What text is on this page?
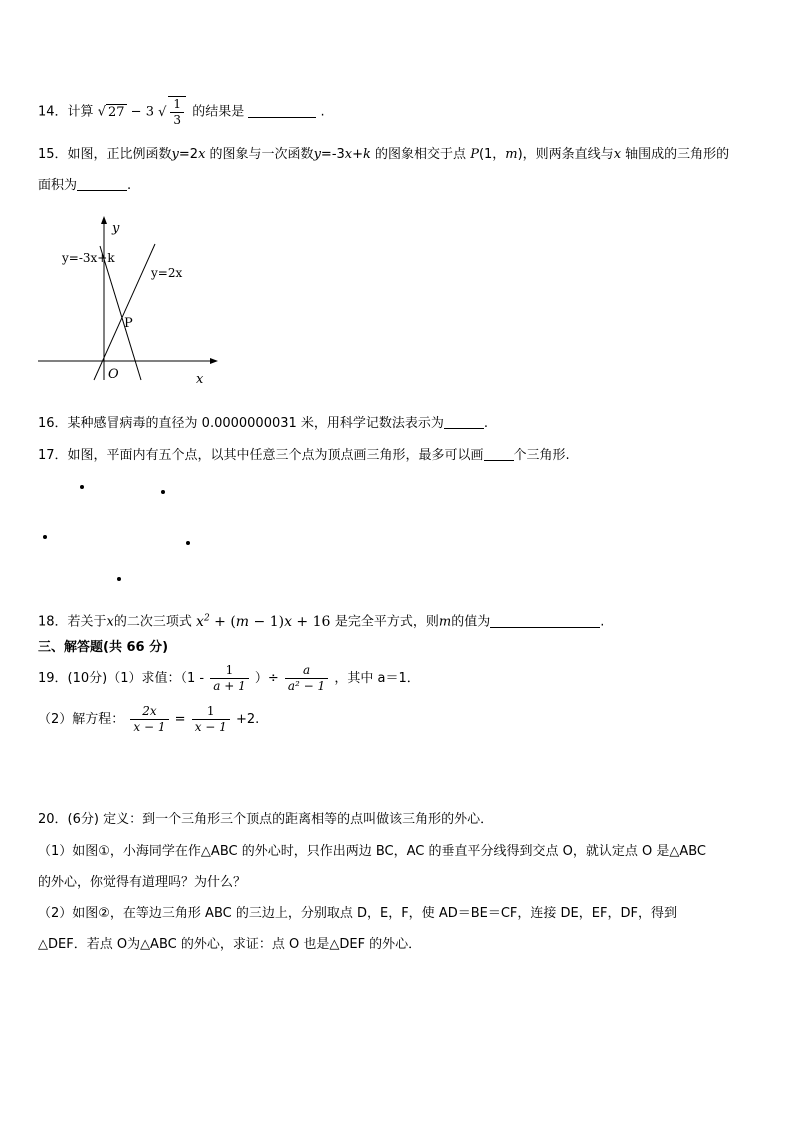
14．计算 √ 27 − 3 √ $\frac{1}{3}$ 的结果是	.
15．如图，正比例函数y=2x 的图象与一次函数y=-3x+k 的图象相交于点 P(1，m)，则两条直线与x 轴围成的三角形的
面积为	.
y
x
O
P
y=-3x+k
y=2x
16．某种感冒病毒的直径为 0.0000000031 米，用科学记数法表示为	.
17．如图，平面内有五个点，以其中任意三个点为顶点画三角形，最多可以画 个三角形.
18．若关于x的二次三项式 $x^2 + (m - 1)x + 16$ 是完全平方式，则m的值为	.
三、解答题(共 66 分)
19．(10分)（1）求值：（$1 - \frac{1}{a + 1}$ ）÷ $\frac{a}{\text{a² − 1}}$ ，其中 a＝1．
（2）解方程： $\frac{2x}{x - 1} = \frac{1}{x - 1} +2$.
20．(6分) 定义：到一个三角形三个顶点的距离相等的点叫做该三角形的外心．
（1）如图①，小海同学在作△ABC 的外心时，只作出两边 BC，AC 的垂直平分线得到交点 O，就认定点 O 是△ABC
的外心，你觉得有道理吗？为什么？
（2）如图②，在等边三角形 ABC 的三边上，分别取点 D，E，F，使 AD＝BE＝CF，连接 DE，EF，DF，得到
△DEF．若点 O为△ABC 的外心，求证：点 O 也是△DEF 的外心．
